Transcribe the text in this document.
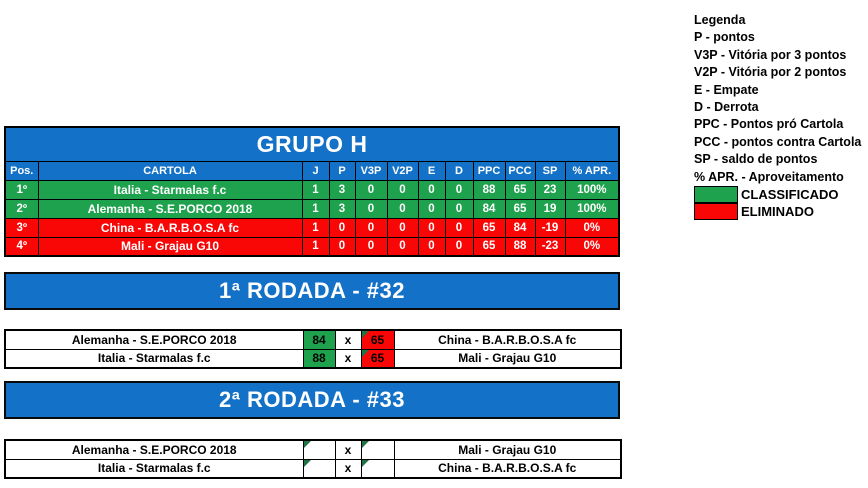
GRUPO H											
Pos.	CARTOLA	J	P	V3P	V2P	E	D	PPC	PCC	SP	% APR.
1º	Italia - Starmalas f.c	1	3	0	0	0	0	88	65	23	100%
2º	Alemanha - S.E.PORCO 2018	1	3	0	0	0	0	84	65	19	100%
3º	China - B.A.R.B.O.S.A fc	1	0	0	0	0	0	65	84	-19	0%
4º	Mali - Grajau G10	1	0	0	0	0	0	65	88	-23	0%
Legenda
P - pontos
V3P - Vitória por 3 pontos
V2P - Vitória por 2 pontos
E - Empate
D - Derrota
PPC - Pontos pró Cartola
PCC - pontos contra Cartola
SP - saldo de pontos
% APR. - Aproveitamento
CLASSIFICADO
ELIMINADO
1ª RODADA - #32
Alemanha - S.E.PORCO 2018	84	x	65	China - B.A.R.B.O.S.A fc
Italia - Starmalas f.c	88	x	65	Mali - Grajau G10
2ª RODADA - #33
Alemanha - S.E.PORCO 2018		x		Mali - Grajau G10
Italia - Starmalas f.c		x		China - B.A.R.B.O.S.A fc
